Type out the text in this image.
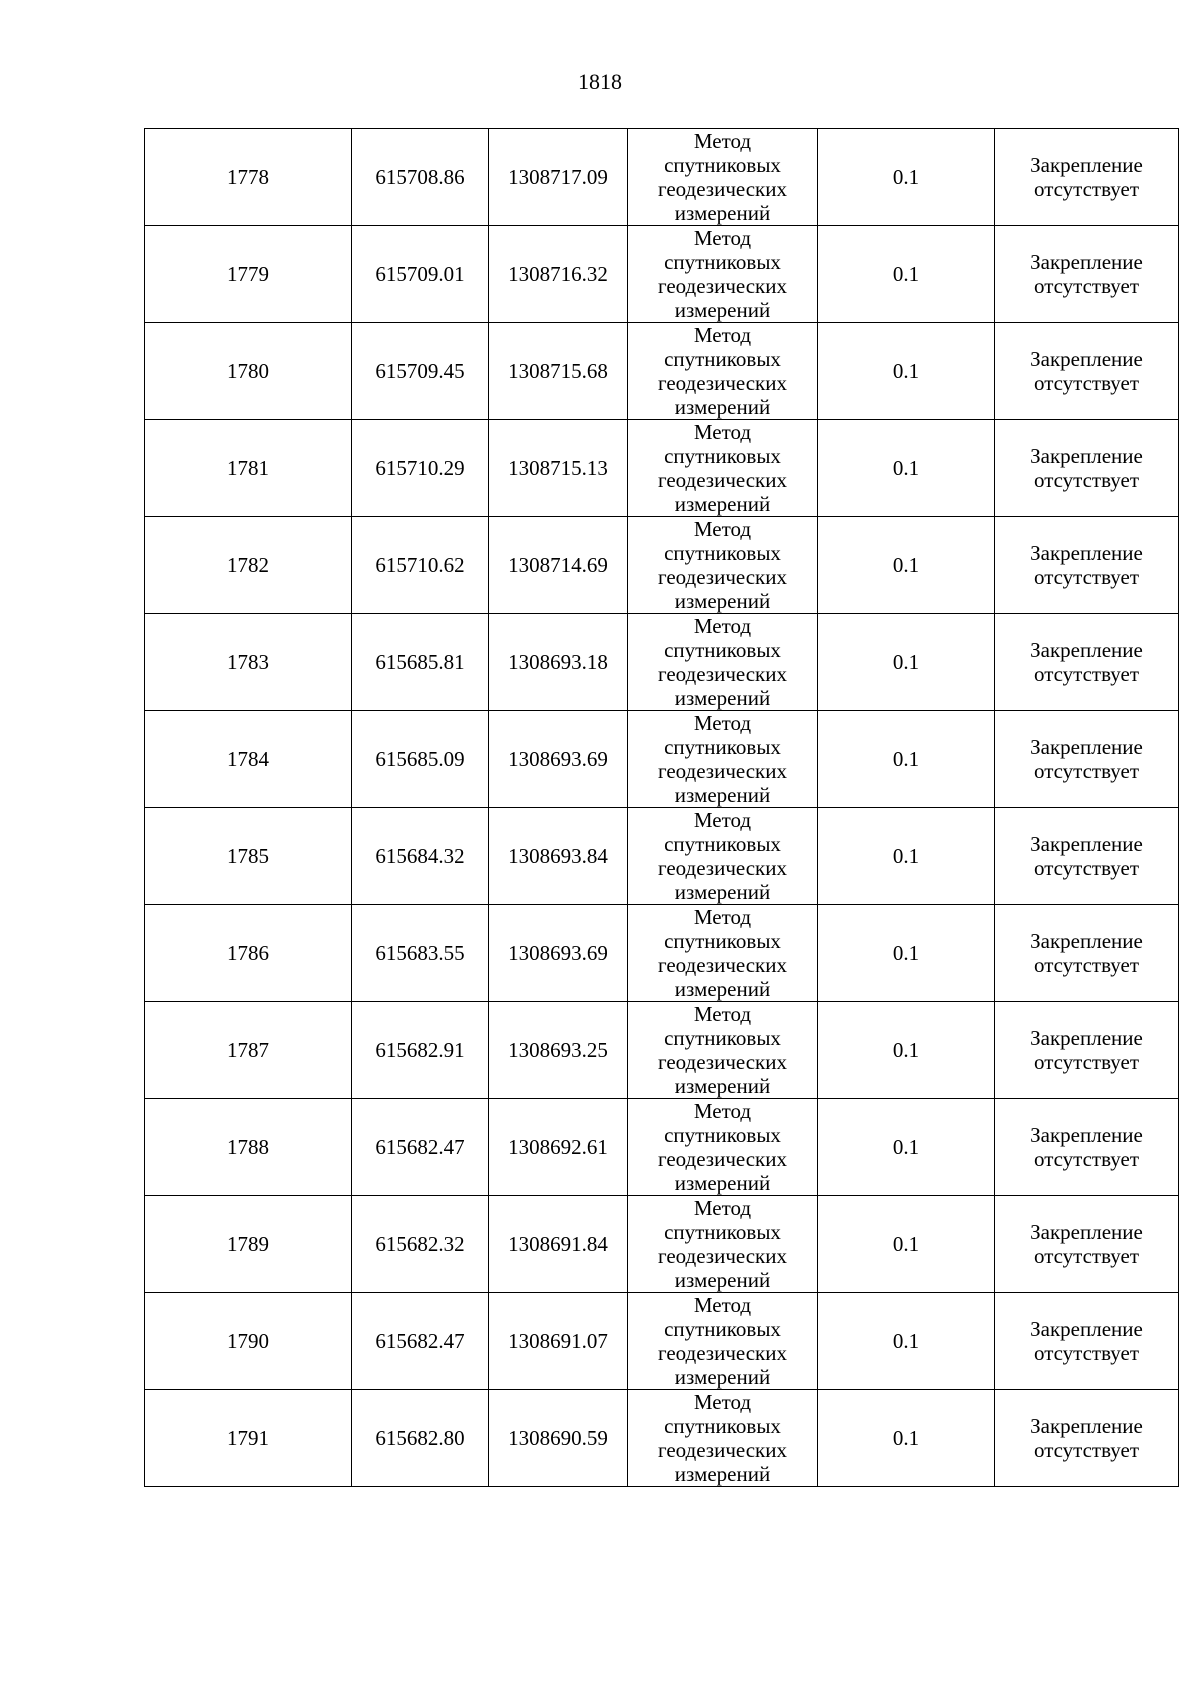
1818
1778	615708.86	1308717.09	Метод
спутниковых
геодезических
измерений	0.1	Закрепление
отсутствует

1779	615709.01	1308716.32	Метод
спутниковых
геодезических
измерений	0.1	Закрепление
отсутствует

1780	615709.45	1308715.68	Метод
спутниковых
геодезических
измерений	0.1	Закрепление
отсутствует

1781	615710.29	1308715.13	Метод
спутниковых
геодезических
измерений	0.1	Закрепление
отсутствует

1782	615710.62	1308714.69	Метод
спутниковых
геодезических
измерений	0.1	Закрепление
отсутствует

1783	615685.81	1308693.18	Метод
спутниковых
геодезических
измерений	0.1	Закрепление
отсутствует

1784	615685.09	1308693.69	Метод
спутниковых
геодезических
измерений	0.1	Закрепление
отсутствует

1785	615684.32	1308693.84	Метод
спутниковых
геодезических
измерений	0.1	Закрепление
отсутствует

1786	615683.55	1308693.69	Метод
спутниковых
геодезических
измерений	0.1	Закрепление
отсутствует

1787	615682.91	1308693.25	Метод
спутниковых
геодезических
измерений	0.1	Закрепление
отсутствует

1788	615682.47	1308692.61	Метод
спутниковых
геодезических
измерений	0.1	Закрепление
отсутствует

1789	615682.32	1308691.84	Метод
спутниковых
геодезических
измерений	0.1	Закрепление
отсутствует

1790	615682.47	1308691.07	Метод
спутниковых
геодезических
измерений	0.1	Закрепление
отсутствует

1791	615682.80	1308690.59	Метод
спутниковых
геодезических
измерений	0.1	Закрепление
отсутствует
